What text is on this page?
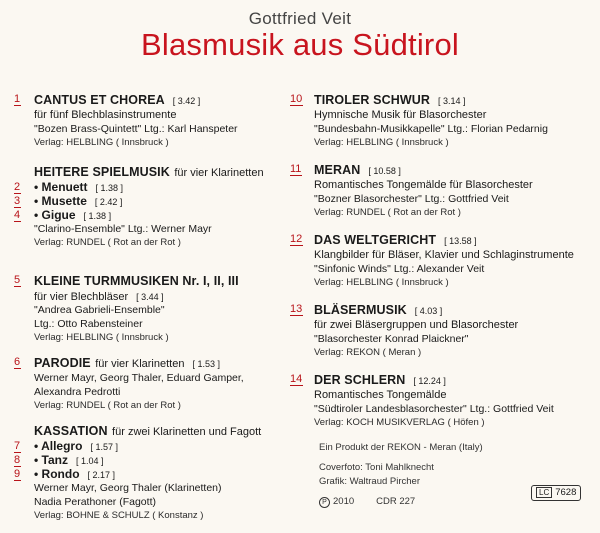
Gottfried Veit
Blasmusik aus Südtirol
1 CANTUS ET CHOREA [ 3.42 ]
für fünf Blechblasinstrumente
"Bozen Brass-Quintett" Ltg.: Karl Hanspeter
Verlag: HELBLING ( Innsbruck )
HEITERE SPIELMUSIK für vier Klarinetten
2 • Menuett [ 1.38 ]
3 • Musette [ 2.42 ]
4 • Gigue [ 1.38 ]
"Clarino-Ensemble" Ltg.: Werner Mayr
Verlag: RUNDEL ( Rot an der Rot )
5 KLEINE TURMMUSIKEN Nr. I, II, III
für vier Blechbläser [ 3.44 ]
"Andrea Gabrieli-Ensemble"
Ltg.: Otto Rabensteiner
Verlag: HELBLING ( Innsbruck )
6 PARODIE für vier Klarinetten [ 1.53 ]
Werner Mayr, Georg Thaler, Eduard Gamper,
Alexandra Pedrotti
Verlag: RUNDEL ( Rot an der Rot )
KASSATION für zwei Klarinetten und Fagott
7 • Allegro [ 1.57 ]
8 • Tanz [ 1.04 ]
9 • Rondo [ 2.17 ]
Werner Mayr, Georg Thaler (Klarinetten)
Nadia Perathoner (Fagott)
Verlag: BOHNE & SCHULZ ( Konstanz )
10 TIROLER SCHWUR [ 3.14 ]
Hymnische Musik für Blasorchester
"Bundesbahn-Musikkapelle" Ltg.: Florian Pedarnig
Verlag: HELBLING ( Innsbruck )
11 MERAN [ 10.58 ]
Romantisches Tongemälde für Blasorchester
"Bozner Blasorchester" Ltg.: Gottfried Veit
Verlag: RUNDEL ( Rot an der Rot )
12 DAS WELTGERICHT [ 13.58 ]
Klangbilder für Bläser, Klavier und Schlaginstrumente
"Sinfonic Winds" Ltg.: Alexander Veit
Verlag: HELBLING ( Innsbruck )
13 BLÄSERMUSIK [ 4.03 ]
für zwei Bläsergruppen und Blasorchester
"Blasorchester Konrad Plaickner"
Verlag: REKON ( Meran )
14 DER SCHLERN [ 12.24 ]
Romantisches Tongemälde
"Südtiroler Landesblasorchester" Ltg.: Gottfried Veit
Verlag: KOCH MUSIKVERLAG ( Höfen )
Ein Produkt der REKON - Meran (Italy)
Coverfoto: Toni Mahlknecht
Grafik: Waltraud Pircher
P 2010 CDR 227
LC 7628
